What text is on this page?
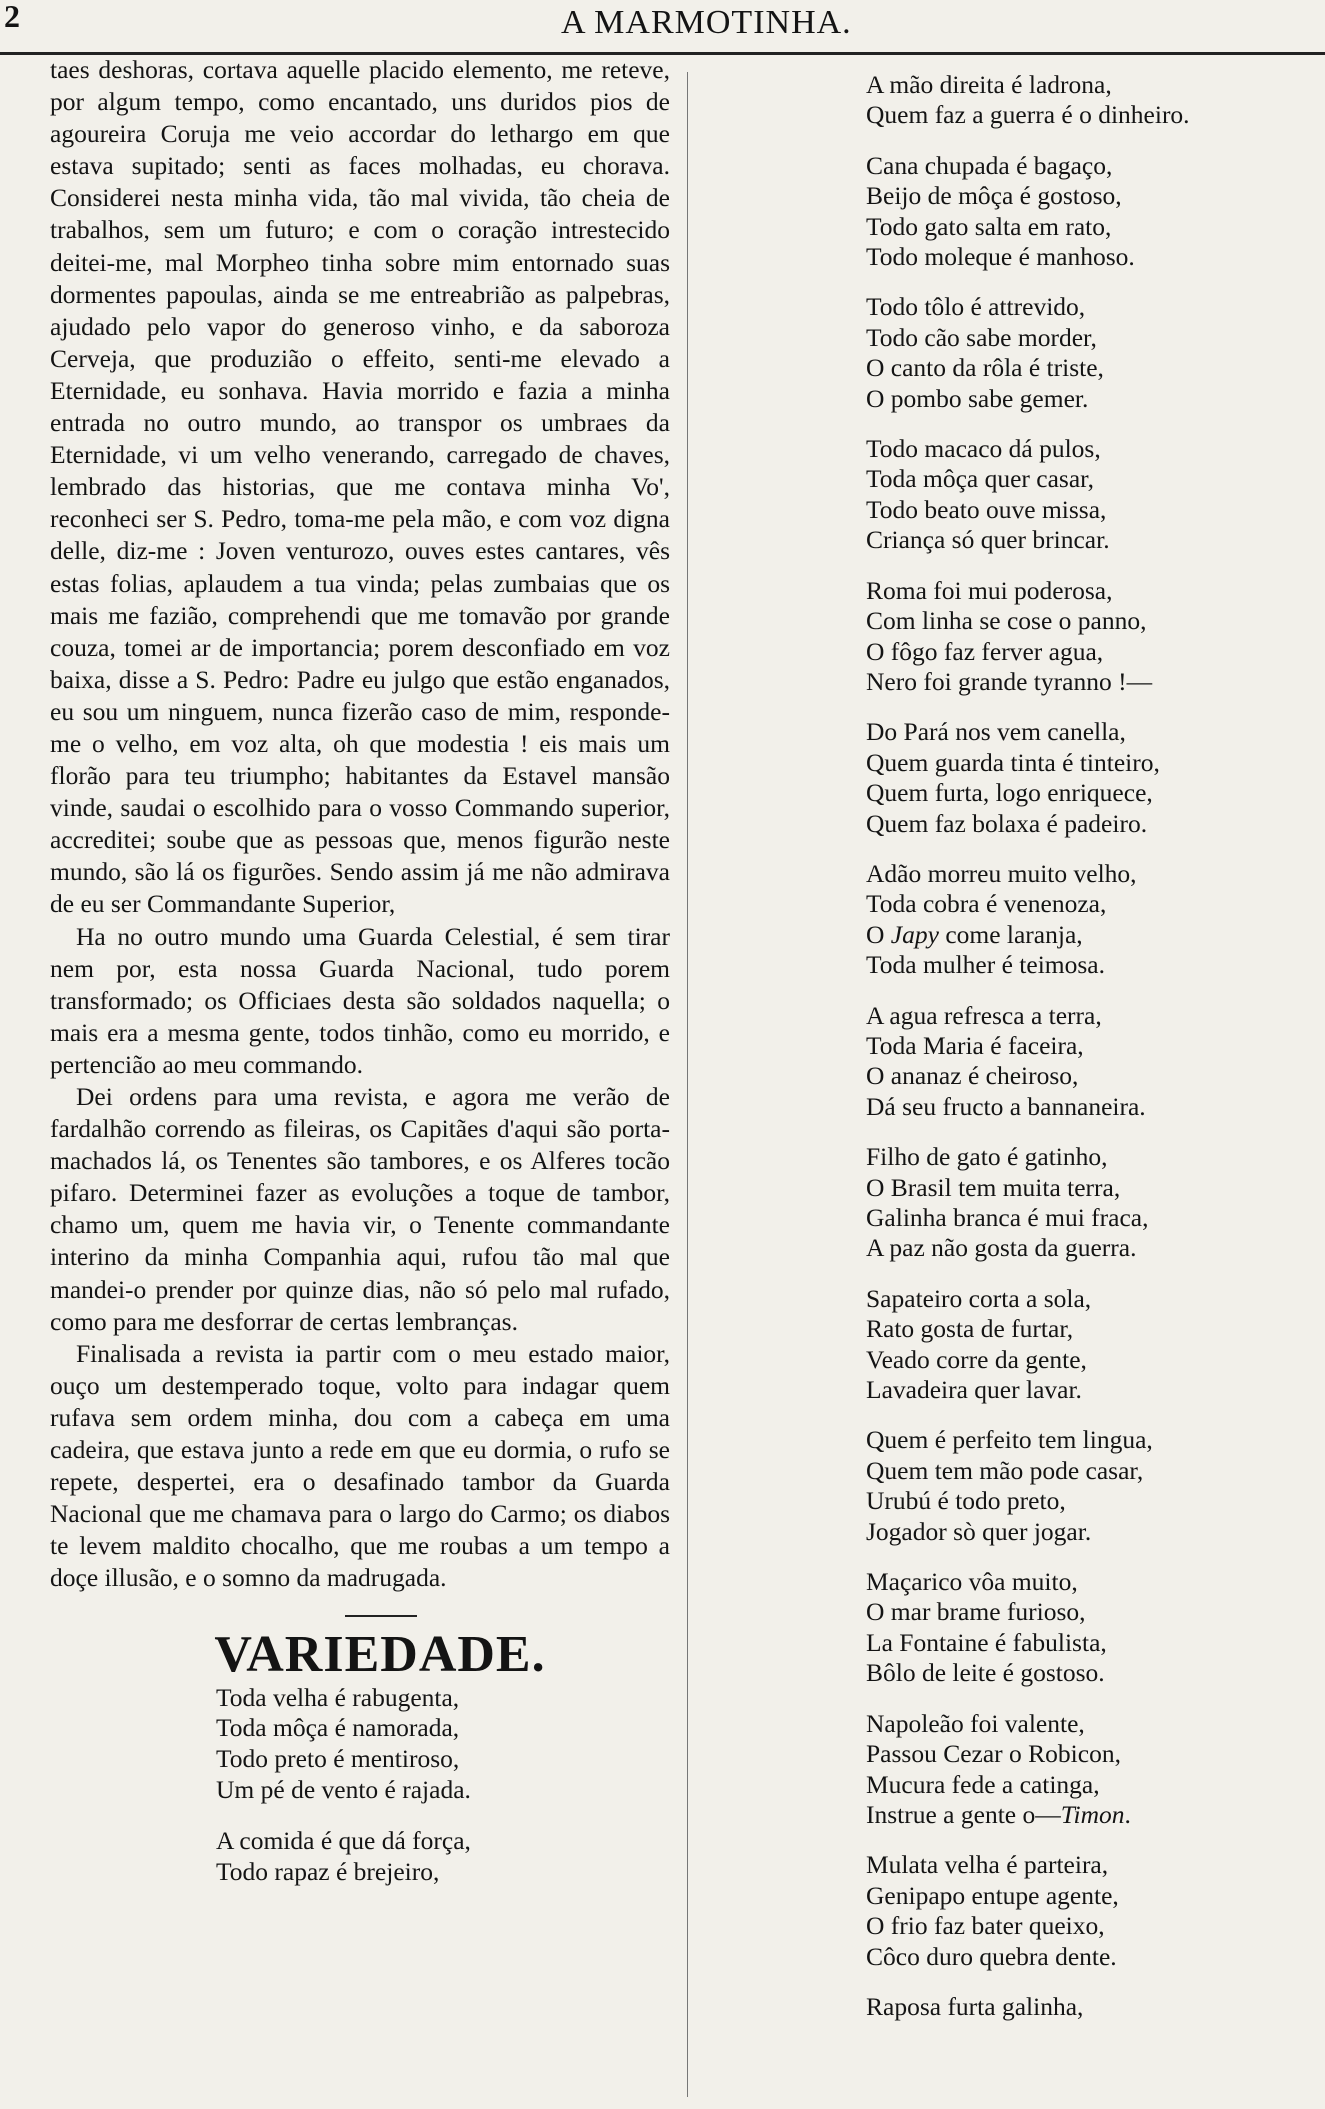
2	A MARMOTINHA.

taes deshoras, cortava aquelle placido elemento, me reteve, por algum tempo, como encantado, uns duridos pios de agoureira Coruja me veio accordar do lethargo em que estava supitado; senti as faces molhadas, eu chorava. Considerei nesta minha vida, tão mal vivida, tão cheia de trabalhos, sem um futuro; e com o coração intrestecido deitei-me, mal Morpheo tinha sobre mim entornado suas dormentes papoulas, ainda se me entreabrião as palpebras, ajudado pelo vapor do generoso vinho, e da saboroza Cerveja, que produzião o effeito, senti-me elevado a Eternidade, eu sonhava. Havia morrido e fazia a minha entrada no outro mundo, ao transpor os umbraes da Eternidade, vi um velho venerando, carregado de chaves, lembrado das historias, que me contava minha Vo', reconheci ser S. Pedro, toma-me pela mão, e com voz digna delle, diz-me : Joven venturozo, ouves estes cantares, vês estas folias, aplaudem a tua vinda; pelas zumbaias que os mais me fazião, comprehendi que me tomavão por grande couza, tomei ar de importancia; porem desconfiado em voz baixa, disse a S. Pedro: Padre eu julgo que estão enganados, eu sou um ninguem, nunca fizerão caso de mim, responde-me o velho, em voz alta, oh que modestia ! eis mais um florão para teu triumpho; habitantes da Estavel mansão vinde, saudai o escolhido para o vosso Commando superior, accreditei; soube que as pessoas que, menos figurão neste mundo, são lá os figurões. Sendo assim já me não admirava de eu ser Commandante Superior,

Ha no outro mundo uma Guarda Celestial, é sem tirar nem por, esta nossa Guarda Nacional, tudo porem transformado; os Officiaes desta são soldados naquella; o mais era a mesma gente, todos tinhão, como eu morrido, e pertencião ao meu commando.

Dei ordens para uma revista, e agora me verão de fardalhão correndo as fileiras, os Capitães d'aqui são porta-machados lá, os Tenentes são tambores, e os Alferes tocão pifaro. Determinei fazer as evoluções a toque de tambor, chamo um, quem me havia vir, o Tenente commandante interino da minha Companhia aqui, rufou tão mal que mandei-o prender por quinze dias, não só pelo mal rufado, como para me desforrar de certas lembranças.

Finalisada a revista ia partir com o meu estado maior, ouço um destemperado toque, volto para indagar quem rufava sem ordem minha, dou com a cabeça em uma cadeira, que estava junto a rede em que eu dormia, o rufo se repete, despertei, era o desafinado tambor da Guarda Nacional que me chamava para o largo do Carmo; os diabos te levem maldito chocalho, que me roubas a um tempo a doçe illusão, e o somno da madrugada.

VARIEDADE.
Toda velha é rabugenta,
Toda môça é namorada,
Todo preto é mentiroso,
Um pé de vento é rajada.
A comida é que dá força,
Todo rapaz é brejeiro,
A mão direita é ladrona,
Quem faz a guerra é o dinheiro.
Cana chupada é bagaço,
Beijo de môça é gostoso,
Todo gato salta em rato,
Todo moleque é manhoso.
Todo tôlo é attrevido,
Todo cão sabe morder,
O canto da rôla é triste,
O pombo sabe gemer.
Todo macaco dá pulos,
Toda môça quer casar,
Todo beato ouve missa,
Criança só quer brincar.
Roma foi mui poderosa,
Com linha se cose o panno,
O fôgo faz ferver agua,
Nero foi grande tyranno !—
Do Pará nos vem canella,
Quem guarda tinta é tinteiro,
Quem furta, logo enriquece,
Quem faz bolaxa é padeiro.
Adão morreu muito velho,
Toda cobra é venenoza,
O Japy come laranja,
Toda mulher é teimosa.
A agua refresca a terra,
Toda Maria é faceira,
O ananaz é cheiroso,
Dá seu fructo a bannaneira.
Filho de gato é gatinho,
O Brasil tem muita terra,
Galinha branca é mui fraca,
A paz não gosta da guerra.
Sapateiro corta a sola,
Rato gosta de furtar,
Veado corre da gente,
Lavadeira quer lavar.
Quem é perfeito tem lingua,
Quem tem mão pode casar,
Urubú é todo preto,
Jogador sò quer jogar.
Maçarico vôa muito,
O mar brame furioso,
La Fontaine é fabulista,
Bôlo de leite é gostoso.
Napoleão foi valente,
Passou Cezar o Robicon,
Mucura fede a catinga,
Instrue a gente o—Timon.
Mulata velha é parteira,
Genipapo entupe agente,
O frio faz bater queixo,
Côco duro quebra dente.
Raposa furta galinha,
